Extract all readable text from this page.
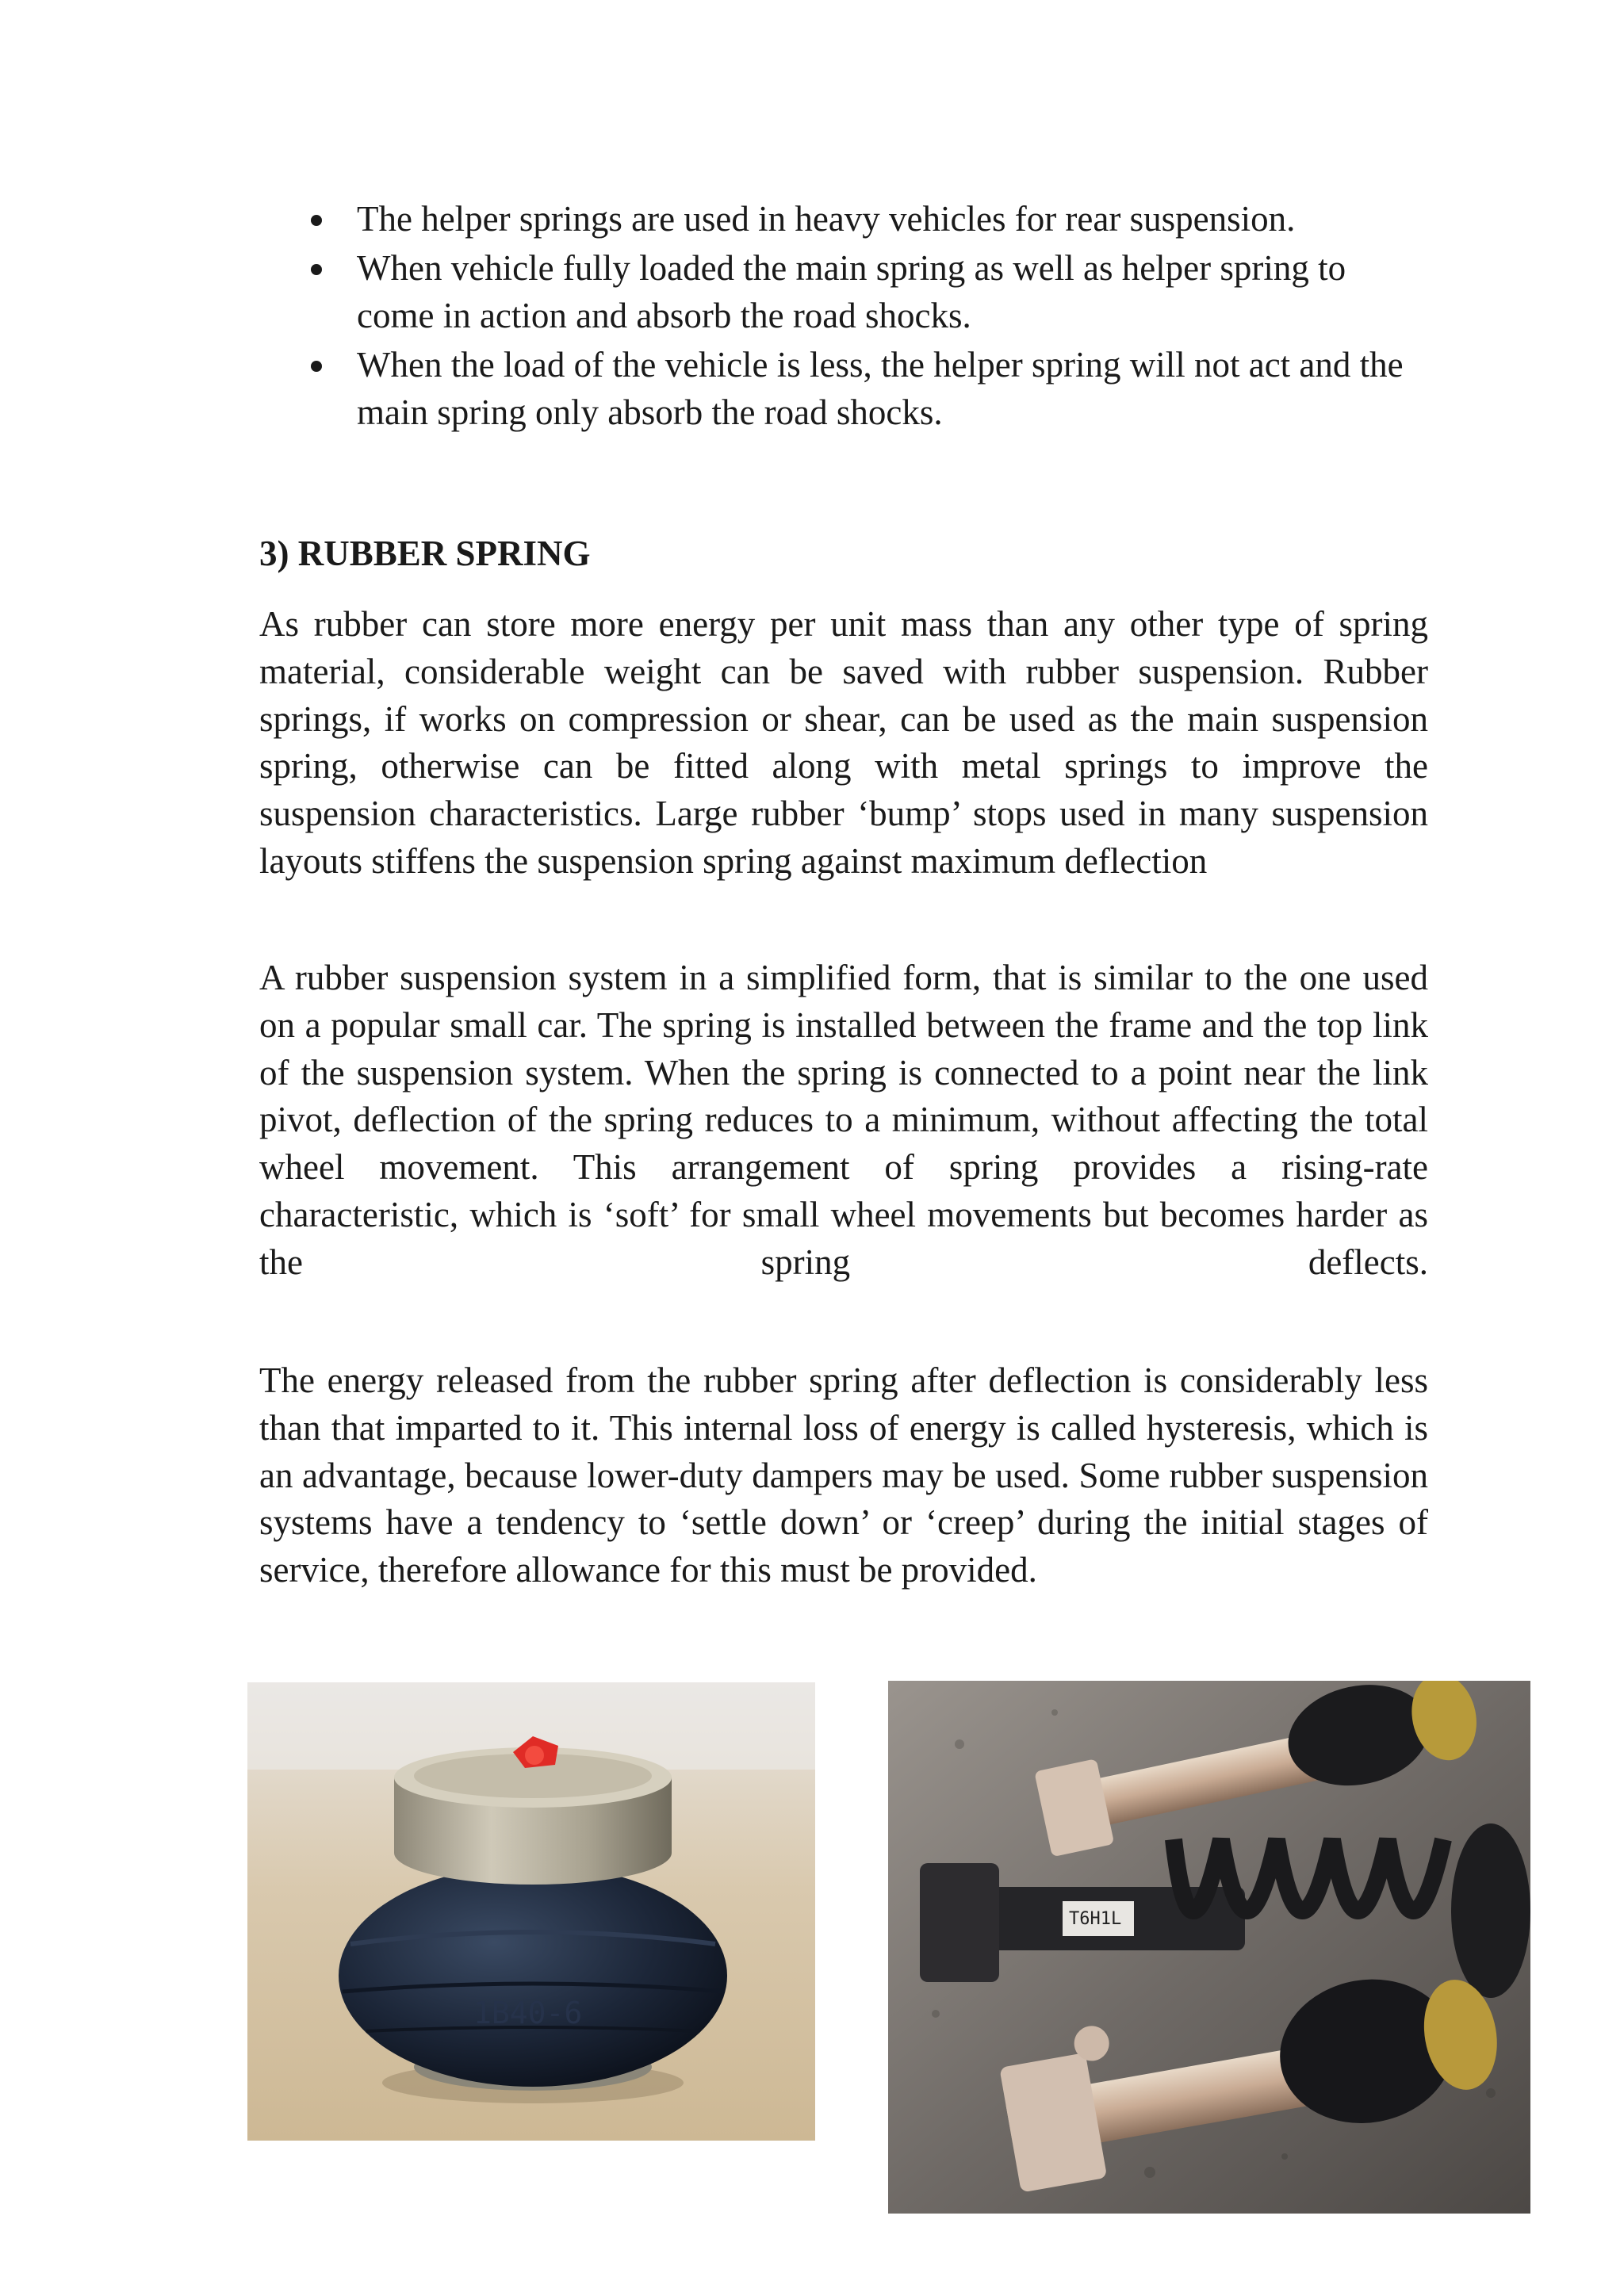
The helper springs are used in heavy vehicles for rear suspension.
When vehicle fully loaded the main spring as well as helper spring to come in action and absorb the road shocks.
When the load of the vehicle is less, the helper spring will not act and the main spring only absorb the road shocks.
3) RUBBER SPRING

As rubber can store more energy per unit mass than any other type of spring material, considerable weight can be saved with rubber suspension. Rubber springs, if works on compression or shear, can be used as the main suspension spring, otherwise can be fitted along with metal springs to improve the suspension characteristics. Large rubber ‘bump’ stops used in many suspension layouts stiffens the suspension spring against maximum deflection

A rubber suspension system in a simplified form, that is similar to the one used on a popular small car. The spring is installed between the frame and the top link of the suspension system. When the spring is connected to a point near the link pivot, deflection of the spring reduces to a minimum, without affecting the total wheel movement. This arrangement of spring provides a rising-rate characteristic, which is ‘soft’ for small wheel movements but becomes harder as the spring deflects.

The energy released from the rubber spring after deflection is considerably less than that imparted to it. This internal loss of energy is called hysteresis, which is an advantage, because lower-duty dampers may be used. Some rubber suspension systems have a tendency to ‘settle down’ or ‘creep’ during the initial stages of service, therefore allowance for this must be provided.

1B40-6
T6H1L
